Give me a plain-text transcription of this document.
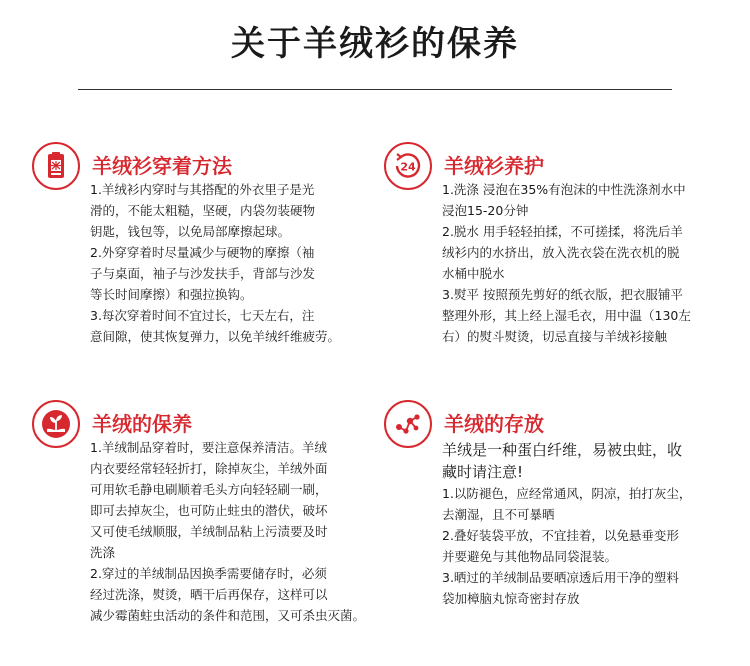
关于羊绒衫的保养
羊绒衫穿着方法

1.羊绒衫内穿时与其搭配的外衣里子是光

滑的，不能太粗糙，坚硬，内袋勿装硬物

钥匙，钱包等，以免局部摩擦起球。

2.外穿穿着时尽量减少与硬物的摩擦（袖

子与桌面，袖子与沙发扶手，背部与沙发

等长时间摩擦）和强拉换钩。

3.每次穿着时间不宜过长，七天左右，注

意间隙，使其恢复弹力，以免羊绒纤维疲劳。

24 羊绒衫养护

1.洗涤 浸泡在35%有泡沫的中性洗涤剂水中

浸泡15-20分钟

2.脱水 用手轻轻拍揉，不可搓揉，将洗后羊

绒衫内的水挤出，放入洗衣袋在洗衣机的脱

水桶中脱水

3.熨平 按照预先剪好的纸衣版，把衣服铺平

整理外形，其上经上湿毛衣，用中温（130左

右）的熨斗熨烫，切忌直接与羊绒衫接触

羊绒的保养

1.羊绒制品穿着时，要注意保养清洁。羊绒

内衣要经常轻轻折打，除掉灰尘，羊绒外面

可用软毛静电刷顺着毛头方向轻轻刷一刷，

即可去掉灰尘，也可防止蛀虫的潜伏，破坏

又可使毛绒顺服，羊绒制品粘上污渍要及时

洗涤

2.穿过的羊绒制品因换季需要储存时，必须

经过洗涤，熨烫，晒干后再保存，这样可以

减少霉菌蛀虫活动的条件和范围，又可杀虫灭菌。

羊绒的存放

羊绒是一种蛋白纤维，易被虫蛀，收

藏时请注意!

1.以防褪色，应经常通风，阴凉，拍打灰尘，

去潮湿，且不可暴晒

2.叠好装袋平放，不宜挂着，以免悬垂变形

并要避免与其他物品同袋混装。

3.晒过的羊绒制品要晒凉透后用干净的塑料

袋加樟脑丸惊奇密封存放
